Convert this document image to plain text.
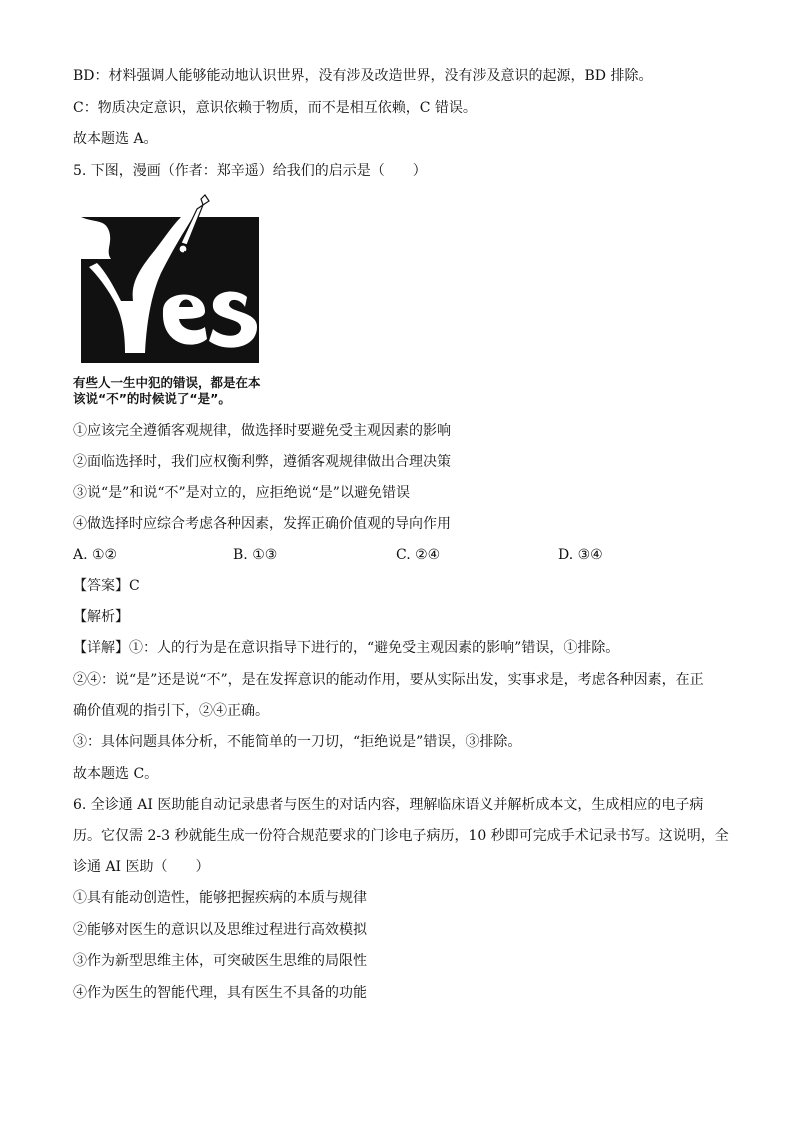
BD：材料强调人能够能动地认识世界，没有涉及改造世界，没有涉及意识的起源，BD 排除。
C：物质决定意识，意识依赖于物质，而不是相互依赖，C 错误。
故本题选 A。
5. 下图，漫画（作者：郑辛遥）给我们的启示是（　　）
有些人一生中犯的错误，都是在本
该说“不”的时候说了“是”。
①应该完全遵循客观规律，做选择时要避免受主观因素的影响
②面临选择时，我们应权衡利弊，遵循客观规律做出合理决策
③说“是”和说“不”是对立的，应拒绝说“是”以避免错误
④做选择时应综合考虑各种因素，发挥正确价值观的导向作用
A. ①②	B. ①③	C. ②④	D. ③④
【答案】C
【解析】
【详解】①：人的行为是在意识指导下进行的，“避免受主观因素的影响”错误，①排除。
②④：说“是”还是说“不”，是在发挥意识的能动作用，要从实际出发，实事求是，考虑各种因素，在正
确价值观的指引下，②④正确。
③：具体问题具体分析，不能简单的一刀切，“拒绝说是”错误，③排除。
故本题选 C。
6. 全诊通 AI 医助能自动记录患者与医生的对话内容，理解临床语义并解析成本文，生成相应的电子病
历。它仅需 2-3 秒就能生成一份符合规范要求的门诊电子病历，10 秒即可完成手术记录书写。这说明，全
诊通 AI 医助（　　）
①具有能动创造性，能够把握疾病的本质与规律
②能够对医生的意识以及思维过程进行高效模拟
③作为新型思维主体，可突破医生思维的局限性
④作为医生的智能代理，具有医生不具备的功能
